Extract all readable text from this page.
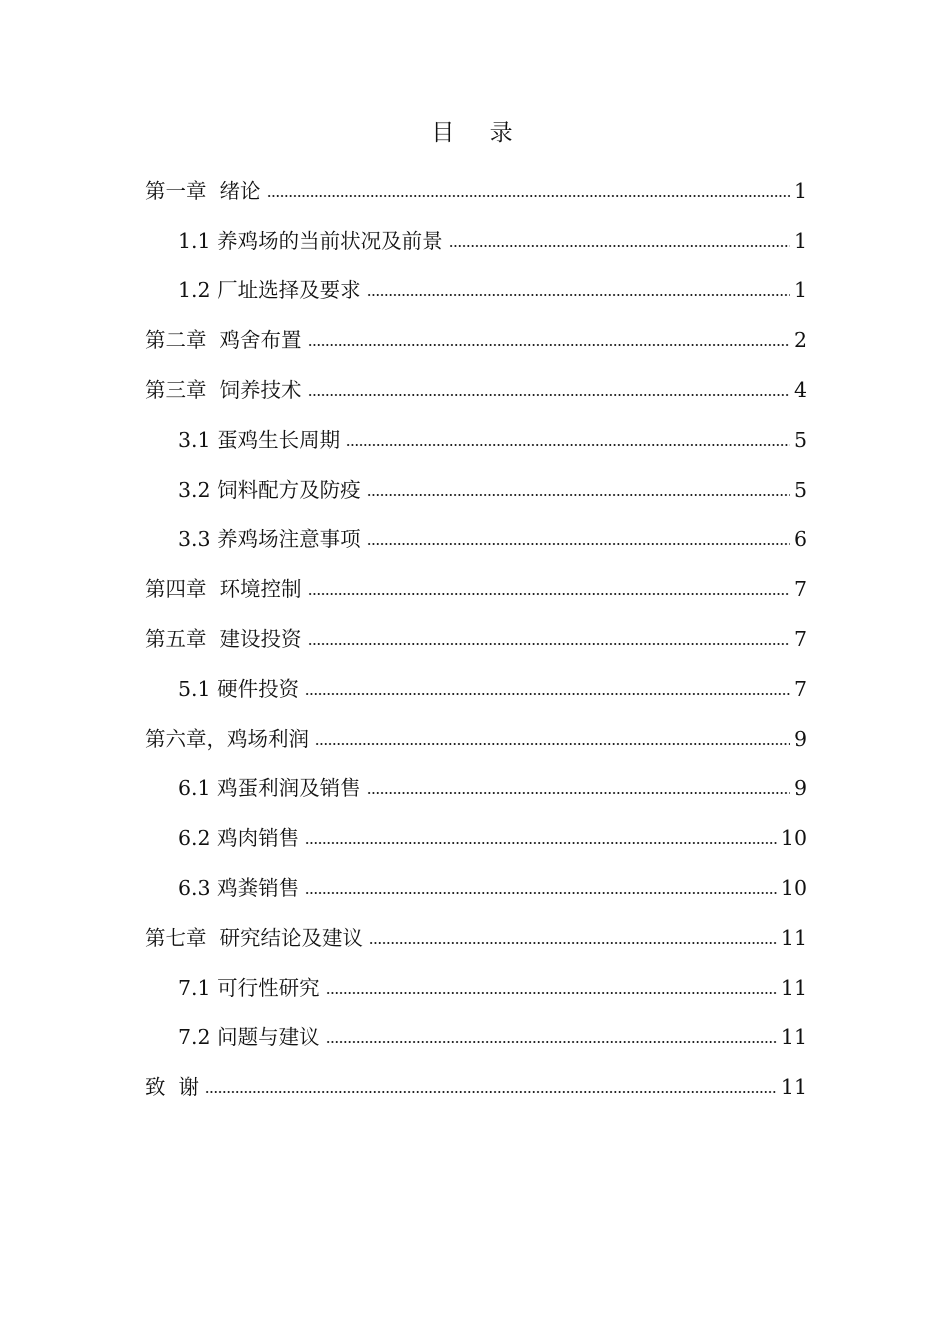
目 录
第一章  绪论	1
1.1 养鸡场的当前状况及前景	1
1.2 厂址选择及要求	1
第二章  鸡舍布置	2
第三章  饲养技术	4
3.1 蛋鸡生长周期	5
3.2 饲料配方及防疫	5
3.3 养鸡场注意事项	6
第四章  环境控制	7
第五章  建设投资	7
5.1 硬件投资	7
第六章，鸡场利润	9
6.1 鸡蛋利润及销售	9
6.2 鸡肉销售	10
6.3 鸡粪销售	10
第七章  研究结论及建议	11
7.1 可行性研究	11
7.2 问题与建议	11
致  谢	11
